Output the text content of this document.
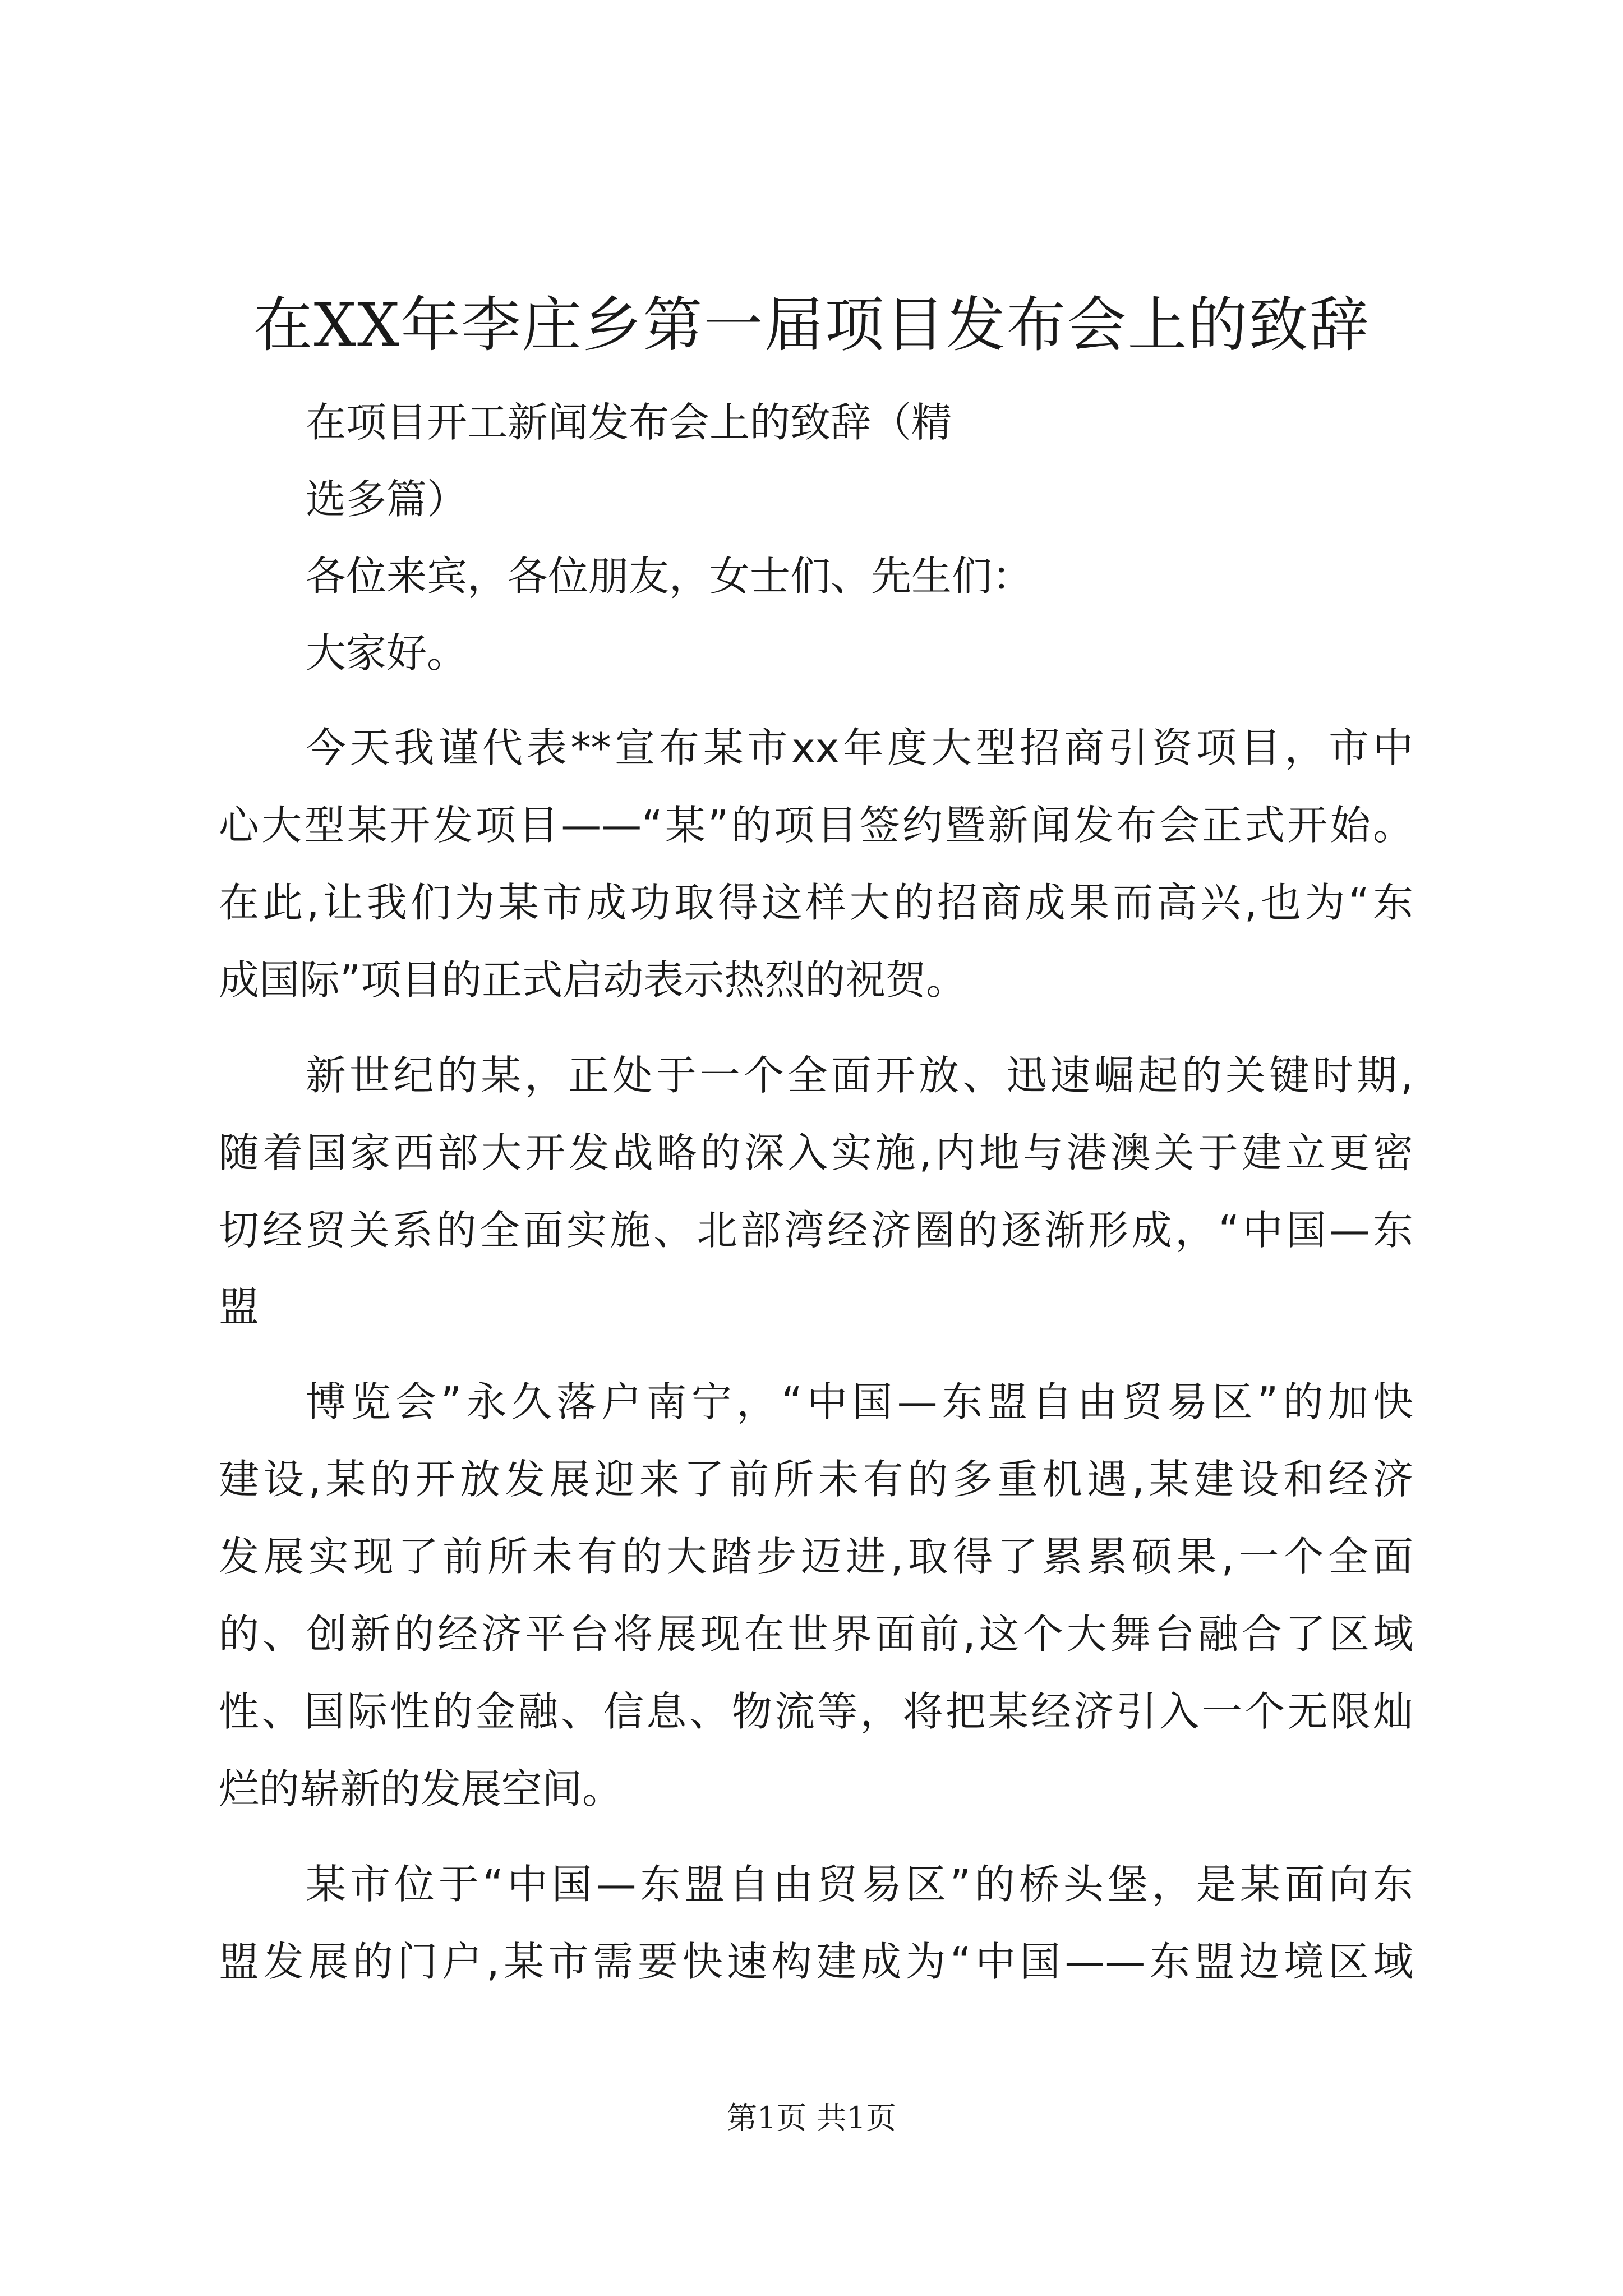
在XX年李庄乡第一届项目发布会上的致辞
在项目开工新闻发布会上的致辞（精
选多篇）
各位来宾，各位朋友，女士们、先生们：
大家好。
今天我谨代表**宣布某市xx年度大型招商引资项目，市中
心大型某开发项目——“某”的项目签约暨新闻发布会正式开始。
在此,让我们为某市成功取得这样大的招商成果而高兴,也为“东
成国际”项目的正式启动表示热烈的祝贺。
新世纪的某，正处于一个全面开放、迅速崛起的关键时期,
随着国家西部大开发战略的深入实施,内地与港澳关于建立更密
切经贸关系的全面实施、北部湾经济圈的逐渐形成，“中国—东
盟
博览会”永久落户南宁，“中国—东盟自由贸易区”的加快
建设,某的开放发展迎来了前所未有的多重机遇,某建设和经济
发展实现了前所未有的大踏步迈进,取得了累累硕果,一个全面
的、创新的经济平台将展现在世界面前,这个大舞台融合了区域
性、国际性的金融、信息、物流等，将把某经济引入一个无限灿
烂的崭新的发展空间。
某市位于“中国—东盟自由贸易区”的桥头堡，是某面向东
盟发展的门户,某市需要快速构建成为“中国——东盟边境区域
第1页 共1页
